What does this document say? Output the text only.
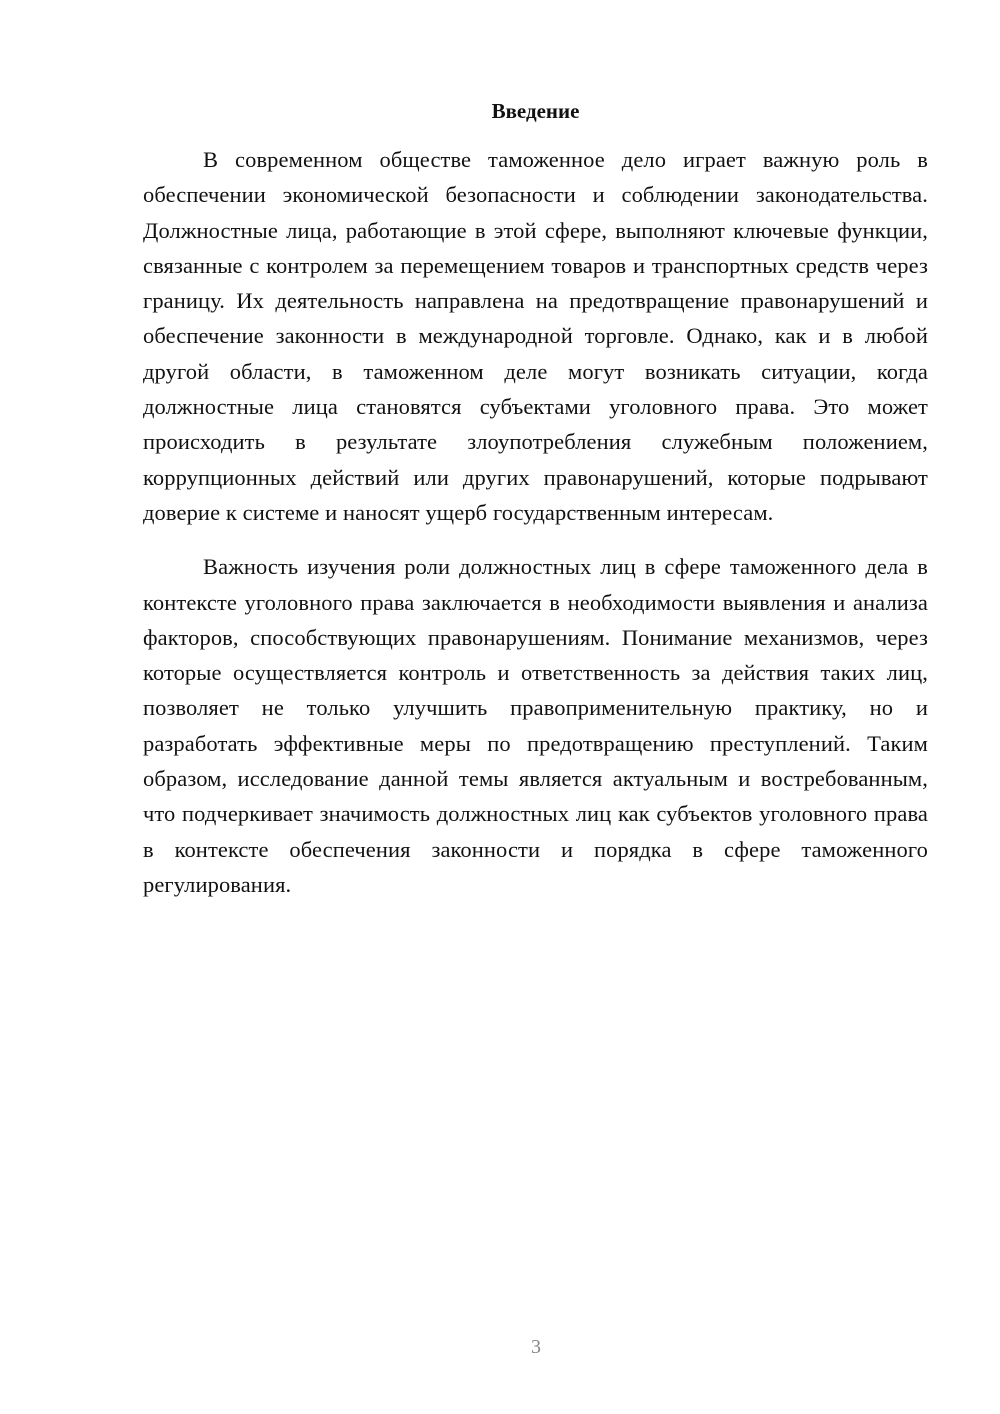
Введение

В современном обществе таможенное дело играет важную роль в обеспечении экономической безопасности и соблюдении законодательства. Должностные лица, работающие в этой сфере, выполняют ключевые функции, связанные с контролем за перемещением товаров и транспортных средств через границу. Их деятельность направлена на предотвращение правонарушений и обеспечение законности в международной торговле. Однако, как и в любой другой области, в таможенном деле могут возникать ситуации, когда должностные лица становятся субъектами уголовного права. Это может происходить в результате злоупотребления служебным положением, коррупционных действий или других правонарушений, которые подрывают доверие к системе и наносят ущерб государственным интересам.

Важность изучения роли должностных лиц в сфере таможенного дела в контексте уголовного права заключается в необходимости выявления и анализа факторов, способствующих правонарушениям. Понимание механизмов, через которые осуществляется контроль и ответственность за действия таких лиц, позволяет не только улучшить правоприменительную практику, но и разработать эффективные меры по предотвращению преступлений. Таким образом, исследование данной темы является актуальным и востребованным, что подчеркивает значимость должностных лиц как субъектов уголовного права в контексте обеспечения законности и порядка в сфере таможенного регулирования.

3
